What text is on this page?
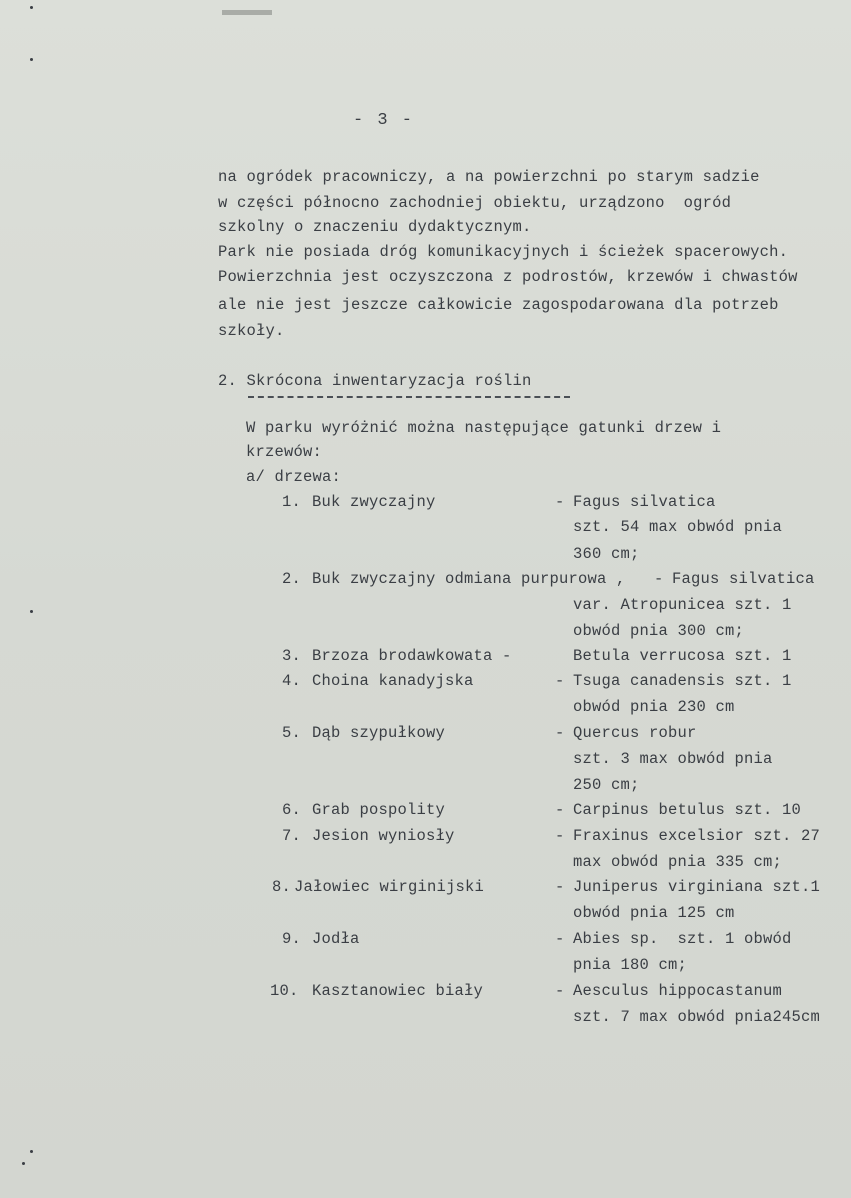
- 3 -
na ogródek pracowniczy, a na powierzchni po starym sadzie
w części północno zachodniej obiektu, urządzono  ogród
szkolny o znaczeniu dydaktycznym.
Park nie posiada dróg komunikacyjnych i ścieżek spacerowych.
Powierzchnia jest oczyszczona z podrostów, krzewów i chwastów
ale nie jest jeszcze całkowicie zagospodarowana dla potrzeb
szkoły.
2. Skrócona inwentaryzacja roślin
W parku wyróżnić można następujące gatunki drzew i
krzewów:
a/ drzewa:
1. Buk zwyczajny	- Fagus silvatica
szt. 54 max obwód pnia
360 cm;
2. Buk zwyczajny odmiana purpurowa , - Fagus silvatica
var. Atropunicea szt. 1
obwód pnia 300 cm;
3. Brzoza brodawkowata -	Betula verrucosa szt. 1
4. Choina kanadyjska	- Tsuga canadensis szt. 1
obwód pnia 230 cm
5. Dąb szypułkowy	- Quercus robur
szt. 3 max obwód pnia
250 cm;
6. Grab pospolity	- Carpinus betulus szt. 10
7. Jesion wyniosły	- Fraxinus excelsior szt. 27
max obwód pnia 335 cm;
8. Jałowiec wirginijski	- Juniperus virginiana szt.1
obwód pnia 125 cm
9. Jodła	- Abies sp.  szt. 1 obwód
pnia 180 cm;
10. Kasztanowiec biały	- Aesculus hippocastanum
szt. 7 max obwód pnia245cm
